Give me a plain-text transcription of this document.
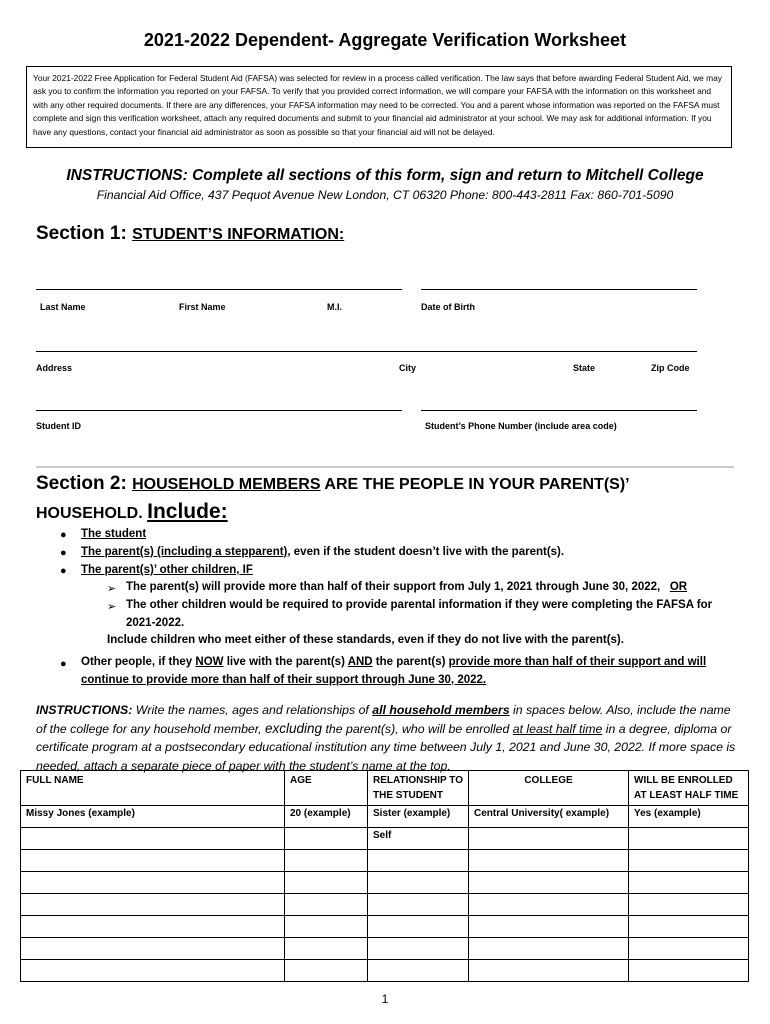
2021-2022 Dependent- Aggregate Verification Worksheet
Your 2021-2022 Free Application for Federal Student Aid (FAFSA) was selected for review in a process called verification. The law says that before awarding Federal Student Aid, we may ask you to confirm the information you reported on your FAFSA. To verify that you provided correct information, we will compare your FAFSA with the information on this worksheet and with any other required documents. If there are any differences, your FAFSA information may need to be corrected. You and a parent whose information was reported on the FAFSA must complete and sign this verification worksheet, attach any required documents and submit to your financial aid administrator at your school. We may ask for additional information. If you have any questions, contact your financial aid administrator as soon as possible so that your financial aid will not be delayed.
INSTRUCTIONS: Complete all sections of this form, sign and return to Mitchell College
Financial Aid Office, 437 Pequot Avenue New London, CT 06320 Phone: 800-443-2811 Fax: 860-701-5090
Section 1: STUDENT’S INFORMATION:
Last Name	First Name	M.I.	Date of Birth
Address	City	State	Zip Code
Student ID	Student’s Phone Number (include area code)
Section 2: HOUSEHOLD MEMBERS ARE THE PEOPLE IN YOUR PARENT(S)’
HOUSEHOLD. Include:
● The student
● The parent(s) (including a stepparent), even if the student doesn’t live with the parent(s).
● The parent(s)’ other children, IF
➢ The parent(s) will provide more than half of their support from July 1, 2021 through June 30, 2022, OR
➢ The other children would be required to provide parental information if they were completing the FAFSA for 2021-2022.
Include children who meet either of these standards, even if they do not live with the parent(s).
● Other people, if they NOW live with the parent(s) AND the parent(s) provide more than half of their support and will continue to provide more than half of their support through June 30, 2022.
INSTRUCTIONS: Write the names, ages and relationships of all household members in spaces below. Also, include the name of the college for any household member, excluding the parent(s), who will be enrolled at least half time in a degree, diploma or certificate program at a postsecondary educational institution any time between July 1, 2021 and June 30, 2022. If more space is needed, attach a separate piece of paper with the student’s name at the top.
FULL NAME	AGE	RELATIONSHIP TO THE STUDENT	COLLEGE	WILL BE ENROLLED AT LEAST HALF TIME
Missy Jones (example)	20 (example)	Sister (example)	Central University( example)	Yes (example)
		Self		

1
